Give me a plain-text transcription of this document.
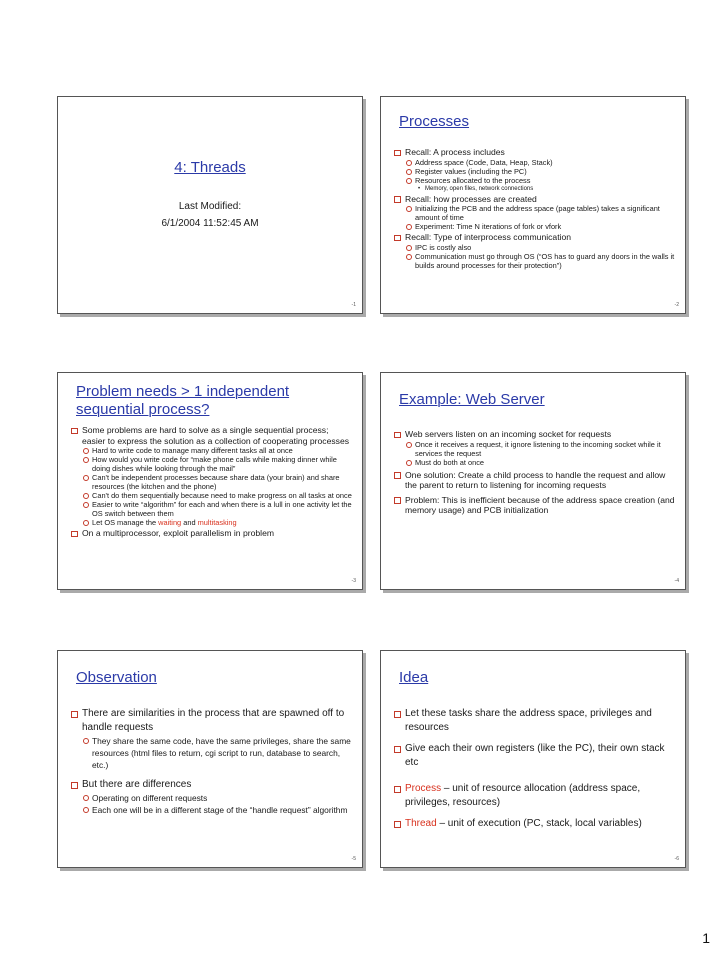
4: Threads
Last Modified:
6/1/2004 11:52:45 AM
-1
Processes
Recall: A process includes
Address space (Code, Data, Heap, Stack)
Register values (including the PC)
Resources allocated to the process
• Memory, open files, network connections
Recall: how processes are created
Initializing the PCB and the address space (page tables) takes a significant amount of time
Experiment: Time N iterations of fork or vfork
Recall: Type of interprocess communication
IPC is costly also
Communication must go through OS (“OS has to guard any doors in the walls it builds around processes for their protection”)
-2
Problem needs > 1 independent sequential process?
Some problems are hard to solve as a single sequential process; easier to express the solution as a collection of cooperating processes
Hard to write code to manage many different tasks all at once
How would you write code for “make phone calls while making dinner while doing dishes while looking through the mail”
Can't be independent processes because share data (your brain) and share resources (the kitchen and the phone)
Can't do them sequentially because need to make progress on all tasks at once
Easier to write “algorithm” for each and when there is a lull in one activity let the OS switch between them
Let OS manage the waiting and multitasking
On a multiprocessor, exploit parallelism in problem
-3
Example: Web Server
Web servers listen on an incoming socket for requests
Once it receives a request, it ignore listening to the incoming socket while it services the request
Must do both at once
One solution: Create a child process to handle the request and allow the parent to return to listening for incoming requests
Problem: This is inefficient because of the address space creation (and memory usage) and PCB initialization
-4
Observation
There are similarities in the process that are spawned off to handle requests
They share the same code, have the same privileges, share the same resources (html files to return, cgi script to run, database to search, etc.)
But there are differences
Operating on different requests
Each one will be in a different stage of the “handle request” algorithm
-5
Idea
Let these tasks share the address space, privileges and resources
Give each their own registers (like the PC), their own stack etc
Process – unit of resource allocation (address space, privileges, resources)
Thread – unit of execution (PC, stack, local variables)
-6
1
